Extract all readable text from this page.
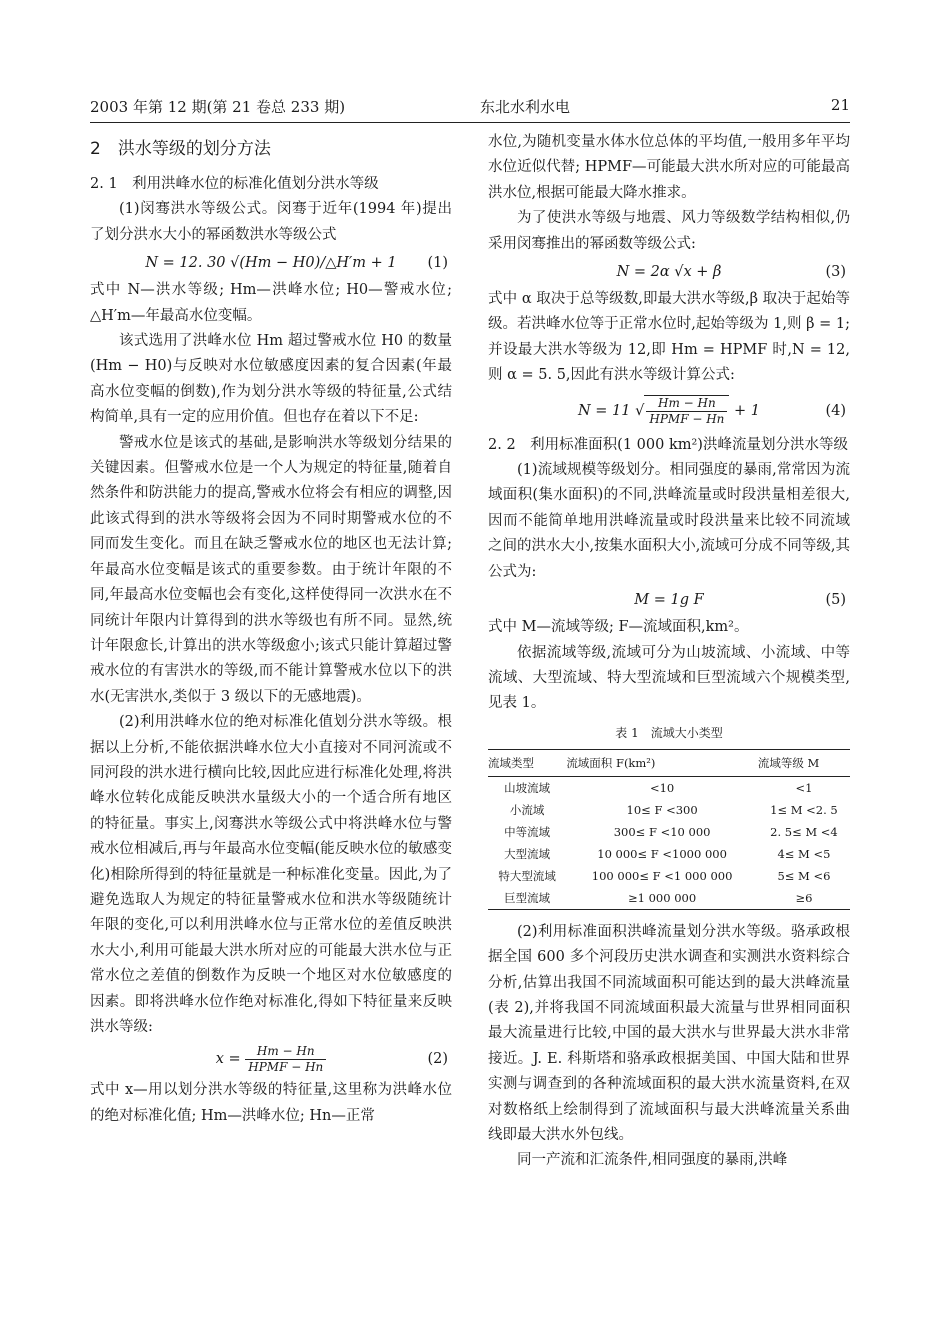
2003 年第 12 期(第 21 卷总 233 期)	东北水利水电	21
2　洪水等级的划分方法

2. 1　利用洪峰水位的标准化值划分洪水等级

(1)闵骞洪水等级公式。闵骞于近年(1994 年)提出了划分洪水大小的幂函数洪水等级公式

N = 12. 30 √(Hm − H0)/△H′m + 1 (1)

式中 N—洪水等级; Hm—洪峰水位; H0—警戒水位; △H′m—年最高水位变幅。

该式选用了洪峰水位 Hm 超过警戒水位 H0 的数量(Hm − H0)与反映对水位敏感度因素的复合因素(年最高水位变幅的倒数),作为划分洪水等级的特征量,公式结构简单,具有一定的应用价值。但也存在着以下不足:

警戒水位是该式的基础,是影响洪水等级划分结果的关键因素。但警戒水位是一个人为规定的特征量,随着自然条件和防洪能力的提高,警戒水位将会有相应的调整,因此该式得到的洪水等级将会因为不同时期警戒水位的不同而发生变化。而且在缺乏警戒水位的地区也无法计算;年最高水位变幅是该式的重要参数。由于统计年限的不同,年最高水位变幅也会有变化,这样使得同一次洪水在不同统计年限内计算得到的洪水等级也有所不同。显然,统计年限愈长,计算出的洪水等级愈小;该式只能计算超过警戒水位的有害洪水的等级,而不能计算警戒水位以下的洪水(无害洪水,类似于 3 级以下的无感地震)。

(2)利用洪峰水位的绝对标准化值划分洪水等级。根据以上分析,不能依据洪峰水位大小直接对不同河流或不同河段的洪水进行横向比较,因此应进行标准化处理,将洪峰水位转化成能反映洪水量级大小的一个适合所有地区的特征量。事实上,闵骞洪水等级公式中将洪峰水位与警戒水位相减后,再与年最高水位变幅(能反映水位的敏感变化)相除所得到的特征量就是一种标准化变量。因此,为了避免选取人为规定的特征量警戒水位和洪水等级随统计年限的变化,可以利用洪峰水位与正常水位的差值反映洪水大小,利用可能最大洪水所对应的可能最大洪水位与正常水位之差值的倒数作为反映一个地区对水位敏感度的因素。即将洪峰水位作绝对标准化,得如下特征量来反映洪水等级:

$x = \frac{Hm - Hn}{\text{HPMF − Hn}}$	(2)

式中 x—用以划分洪水等级的特征量,这里称为洪峰水位的绝对标准化值; Hm—洪峰水位; Hn—正常

水位,为随机变量水体水位总体的平均值,一般用多年平均水位近似代替; HPMF—可能最大洪水所对应的可能最高洪水位,根据可能最大降水推求。

为了使洪水等级与地震、风力等级数学结构相似,仍采用闵骞推出的幂函数等级公式:

N = 2α √x + β	(3)

式中 α 取决于总等级数,即最大洪水等级,β 取决于起始等级。若洪峰水位等于正常水位时,起始等级为 1,则 β = 1;并设最大洪水等级为 12,即 Hm = HPMF 时,N = 12,则 α = 5. 5,因此有洪水等级计算公式:

N = 11 √ $\frac{Hm - Hn}{\text{HPMF − Hn}} + 1$	(4)

2. 2　利用标准面积(1 000 km²)洪峰流量划分洪水等级

(1)流域规模等级划分。相同强度的暴雨,常常因为流域面积(集水面积)的不同,洪峰流量或时段洪量相差很大,因而不能简单地用洪峰流量或时段洪量来比较不同流域之间的洪水大小,按集水面积大小,流域可分成不同等级,其公式为:

M = 1g F	(5)

式中 M—流域等级; F—流域面积,km²。

依据流域等级,流域可分为山坡流域、小流域、中等流域、大型流域、特大型流域和巨型流域六个规模类型,见表 1。

表 1　流域大小类型
流域类型	流域面积 F(km²)	流域等级 M
山坡流域	<10	<1
小流域	10≤ F <300	1≤ M <2. 5
中等流域	300≤ F <10 000	2. 5≤ M <4
大型流域	10 000≤ F <1000 000	4≤ M <5
特大型流域	100 000≤ F <1 000 000	5≤ M <6
巨型流域	≥1 000 000	≥6

(2)利用标准面积洪峰流量划分洪水等级。骆承政根据全国 600 多个河段历史洪水调查和实测洪水资料综合分析,估算出我国不同流域面积可能达到的最大洪峰流量(表 2),并将我国不同流域面积最大流量与世界相同面积最大流量进行比较,中国的最大洪水与世界最大洪水非常接近。J. E. 科斯塔和骆承政根据美国、中国大陆和世界实测与调查到的各种流域面积的最大洪水流量资料,在双对数格纸上绘制得到了流域面积与最大洪峰流量关系曲线即最大洪水外包线。

同一产流和汇流条件,相同强度的暴雨,洪峰
